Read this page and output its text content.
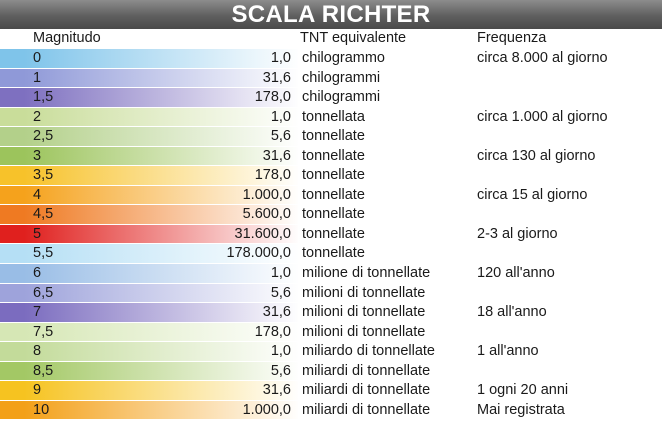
SCALA RICHTER
Magnitudo	TNT equivalente	Frequenza
0	1,0 chilogrammo	circa 8.000 al giorno
1	31,6 chilogrammi
1,5	178,0 chilogrammi
2	1,0 tonnellata	circa 1.000 al giorno
2,5	5,6 tonnellate
3	31,6 tonnellate	circa 130 al giorno
3,5	178,0 tonnellate
4	1.000,0 tonnellate	circa 15 al giorno
4,5	5.600,0 tonnellate
5	31.600,0 tonnellate	2-3 al giorno
5,5	178.000,0 tonnellate
6	1,0 milione di tonnellate	120 all'anno
6,5	5,6 milioni di tonnellate
7	31,6 milioni di tonnellate	18 all'anno
7,5	178,0 milioni di tonnellate
8	1,0 miliardo di tonnellate	1 all'anno
8,5	5,6 miliardi di tonnellate
9	31,6 miliardi di tonnellate	1 ogni 20 anni
10	1.000,0 miliardi di tonnellate	Mai registrata
